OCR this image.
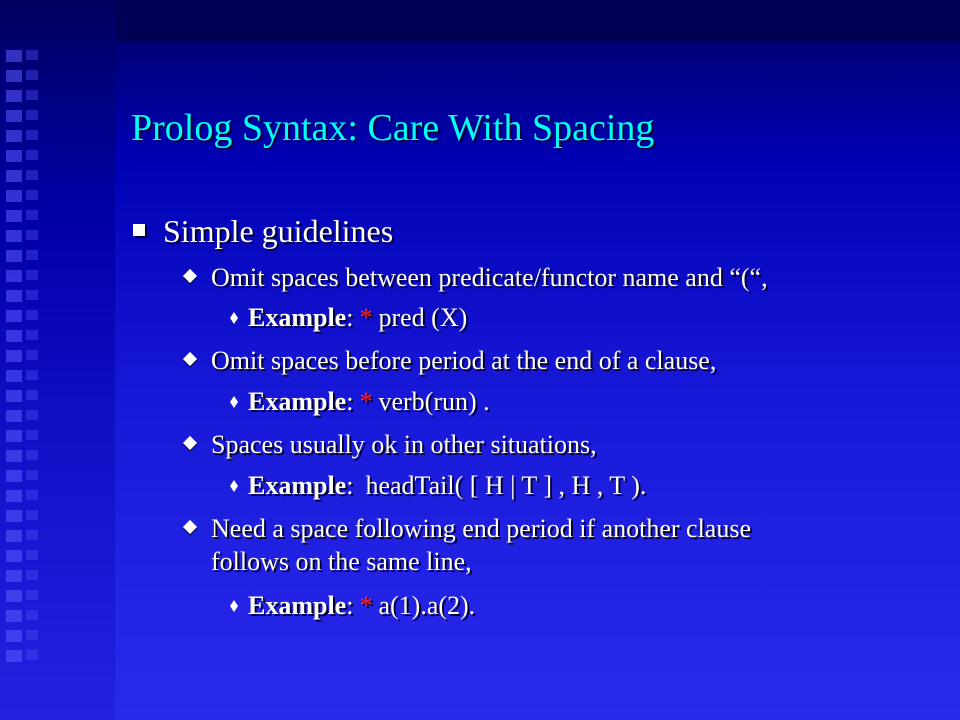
Prolog Syntax: Care With Spacing
Simple guidelines
Omit spaces between predicate/functor name and “(“,
Example: * pred (X)
Omit spaces before period at the end of a clause,
Example: * verb(run) .
Spaces usually ok in other situations,
Example: headTail( [ H | T ] , H , T ).
Need a space following end period if another clause
follows on the same line,
Example: * a(1).a(2).
